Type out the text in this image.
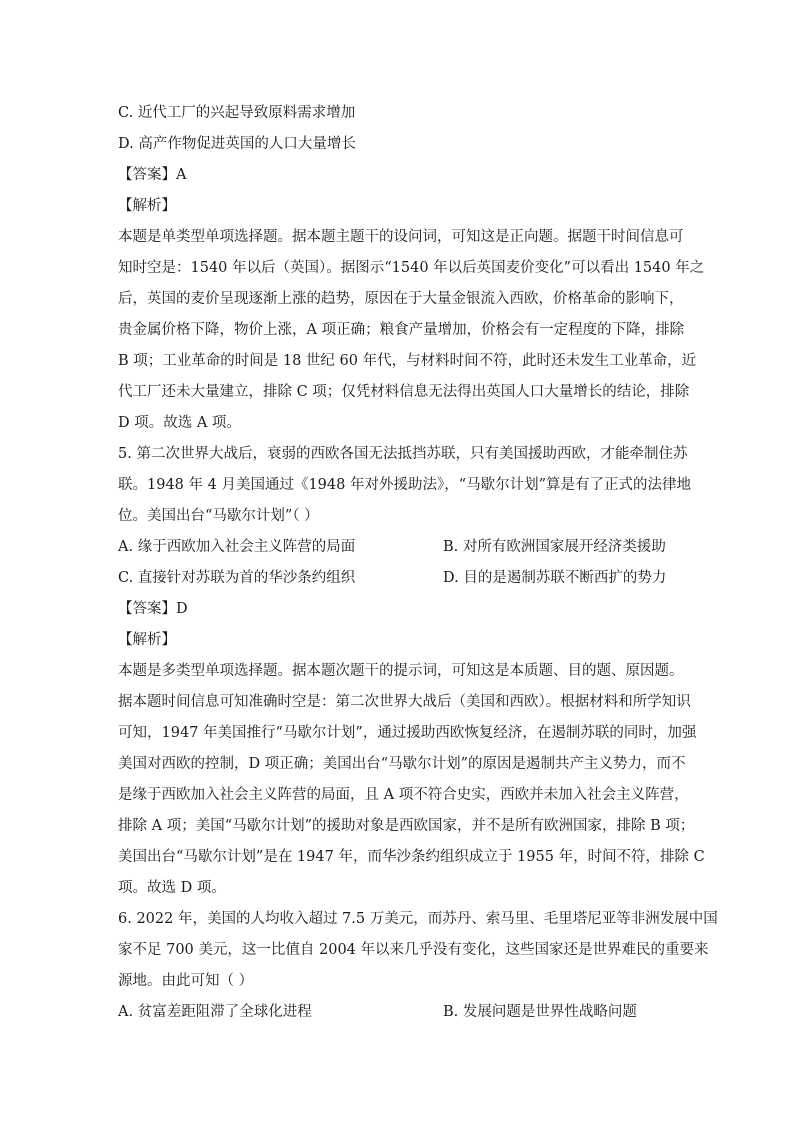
C. 近代工厂的兴起导致原料需求增加
D. 高产作物促进英国的人口大量增长
【答案】A
【解析】
本题是单类型单项选择题。据本题主题干的设问词，可知这是正向题。据题干时间信息可
知时空是：1540 年以后（英国）。据图示“1540 年以后英国麦价变化”可以看出 1540 年之
后，英国的麦价呈现逐渐上涨的趋势，原因在于大量金银流入西欧，价格革命的影响下，
贵金属价格下降，物价上涨，A 项正确；粮食产量增加，价格会有一定程度的下降，排除
B 项；工业革命的时间是 18 世纪 60 年代，与材料时间不符，此时还未发生工业革命，近
代工厂还未大量建立，排除 C 项；仅凭材料信息无法得出英国人口大量增长的结论，排除
D 项。故选 A 项。
5. 第二次世界大战后，衰弱的西欧各国无法抵挡苏联，只有美国援助西欧，才能牵制住苏
联。1948 年 4 月美国通过《1948 年对外援助法》，“马歇尔计划”算是有了正式的法律地
位。美国出台“马歇尔计划”（ ）
A. 缘于西欧加入社会主义阵营的局面	B. 对所有欧洲国家展开经济类援助
C. 直接针对苏联为首的华沙条约组织	D. 目的是遏制苏联不断西扩的势力
【答案】D
【解析】
本题是多类型单项选择题。据本题次题干的提示词，可知这是本质题、目的题、原因题。
据本题时间信息可知准确时空是：第二次世界大战后（美国和西欧）。根据材料和所学知识
可知，1947 年美国推行“马歇尔计划”，通过援助西欧恢复经济，在遏制苏联的同时，加强
美国对西欧的控制，D 项正确；美国出台“马歇尔计划”的原因是遏制共产主义势力，而不
是缘于西欧加入社会主义阵营的局面，且 A 项不符合史实，西欧并未加入社会主义阵营，
排除 A 项；美国“马歇尔计划”的援助对象是西欧国家，并不是所有欧洲国家，排除 B 项；
美国出台“马歇尔计划”是在 1947 年，而华沙条约组织成立于 1955 年，时间不符，排除 C
项。故选 D 项。
6. 2022 年，美国的人均收入超过 7.5 万美元，而苏丹、索马里、毛里塔尼亚等非洲发展中国
家不足 700 美元，这一比值自 2004 年以来几乎没有变化，这些国家还是世界难民的重要来
源地。由此可知（ ）
A. 贫富差距阻滞了全球化进程	B. 发展问题是世界性战略问题
